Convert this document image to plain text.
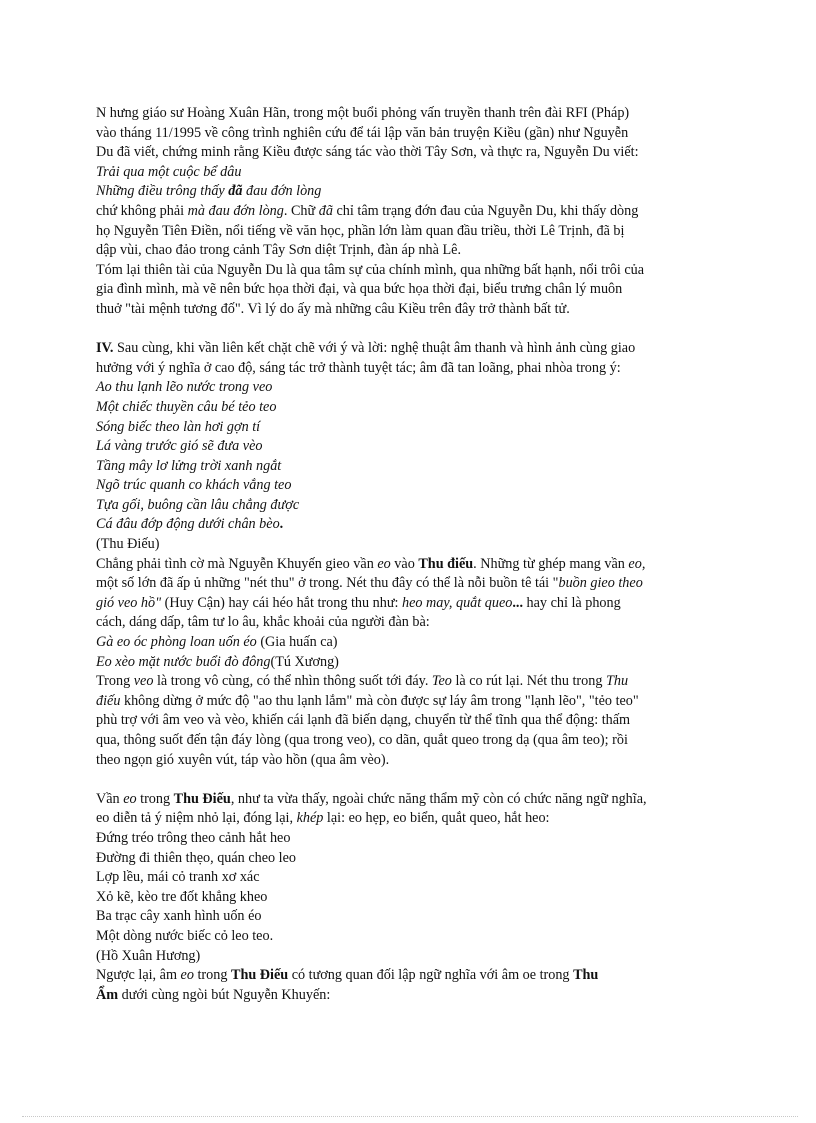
N hưng giáo sư Hoàng Xuân Hãn, trong một buổi phỏng vấn truyền thanh trên đài RFI (Pháp)
vào tháng 11/1995 về công trình nghiên cứu để tái lập văn bản truyện Kiều (gần) như Nguyễn
Du đã viết, chứng minh rằng Kiều được sáng tác vào thời Tây Sơn, và thực ra, Nguyễn Du viết:
Trải qua một cuộc bể dâu
Những điều trông thấy đã đau đớn lòng
chứ không phải mà đau đớn lòng. Chữ đã chỉ tâm trạng đớn đau của Nguyễn Du, khi thấy dòng
họ Nguyễn Tiên Điền, nổi tiếng về văn học, phần lớn làm quan đầu triều, thời Lê Trịnh, đã bị
dập vùi, chao đảo trong cảnh Tây Sơn diệt Trịnh, đàn áp nhà Lê.
Tóm lại thiên tài của Nguyễn Du là qua tâm sự của chính mình, qua những bất hạnh, nổi trôi của
gia đình mình, mà vẽ nên bức họa thời đại, và qua bức họa thời đại, biểu trưng chân lý muôn
thuở "tài mệnh tương đố". Vì lý do ấy mà những câu Kiều trên đây trở thành bất tử.
IV. Sau cùng, khi vần liên kết chặt chẽ với ý và lời: nghệ thuật âm thanh và hình ảnh cùng giao
hưởng với ý nghĩa ở cao độ, sáng tác trở thành tuyệt tác; âm đã tan loãng, phai nhòa trong ý:
Ao thu lạnh lẽo nước trong veo
Một chiếc thuyền câu bé tẻo teo
Sóng biếc theo làn hơi gợn tí
Lá vàng trước gió sẽ đưa vèo
Tầng mây lơ lửng trời xanh ngắt
Ngõ trúc quanh co khách vắng teo
Tựa gối, buông cần lâu chẳng được
Cá đâu đớp động dưới chân bèo.
(Thu Điếu)
Chẳng phải tình cờ mà Nguyễn Khuyến gieo vần eo vào Thu điếu. Những từ ghép mang vần eo,
một số lớn đã ấp ủ những "nét thu" ở trong. Nét thu đây có thể là nỗi buồn tê tái "buồn gieo theo
gió veo hồ" (Huy Cận) hay cái héo hắt trong thu như: heo may, quắt queo... hay chỉ là phong
cách, dáng dấp, tâm tư lo âu, khắc khoải của người đàn bà:
Gà eo óc phòng loan uốn éo (Gia huấn ca)
Eo xèo mặt nước buổi đò đông(Tú Xương)
Trong veo là trong vô cùng, có thể nhìn thông suốt tới đáy. Teo là co rút lại. Nét thu trong Thu
điếu không dừng ở mức độ "ao thu lạnh lắm" mà còn được sự láy âm trong "lạnh lẽo", "tẻo teo"
phù trợ với âm veo và vèo, khiến cái lạnh đã biến dạng, chuyển từ thể tĩnh qua thể động: thấm
qua, thông suốt đến tận đáy lòng (qua trong veo), co dãn, quắt queo trong dạ (qua âm teo); rồi
theo ngọn gió xuyên vút, táp vào hồn (qua âm vèo).
Vần eo trong Thu Điếu, như ta vừa thấy, ngoài chức năng thẩm mỹ còn có chức năng ngữ nghĩa,
eo diễn tả ý niệm nhỏ lại, đóng lại, khép lại: eo hẹp, eo biển, quắt queo, hắt heo:
Đứng tréo trông theo cảnh hắt heo
Đường đi thiên thẹo, quán cheo leo
Lợp lều, mái cỏ tranh xơ xác
Xỏ kẽ, kèo tre đốt khẳng kheo
Ba trạc cây xanh hình uốn éo
Một dòng nước biếc cỏ leo teo.
(Hồ Xuân Hương)
Ngược lại, âm eo trong Thu Điếu có tương quan đối lập ngữ nghĩa với âm oe trong Thu
Ẩm dưới cùng ngòi bút Nguyễn Khuyến:
